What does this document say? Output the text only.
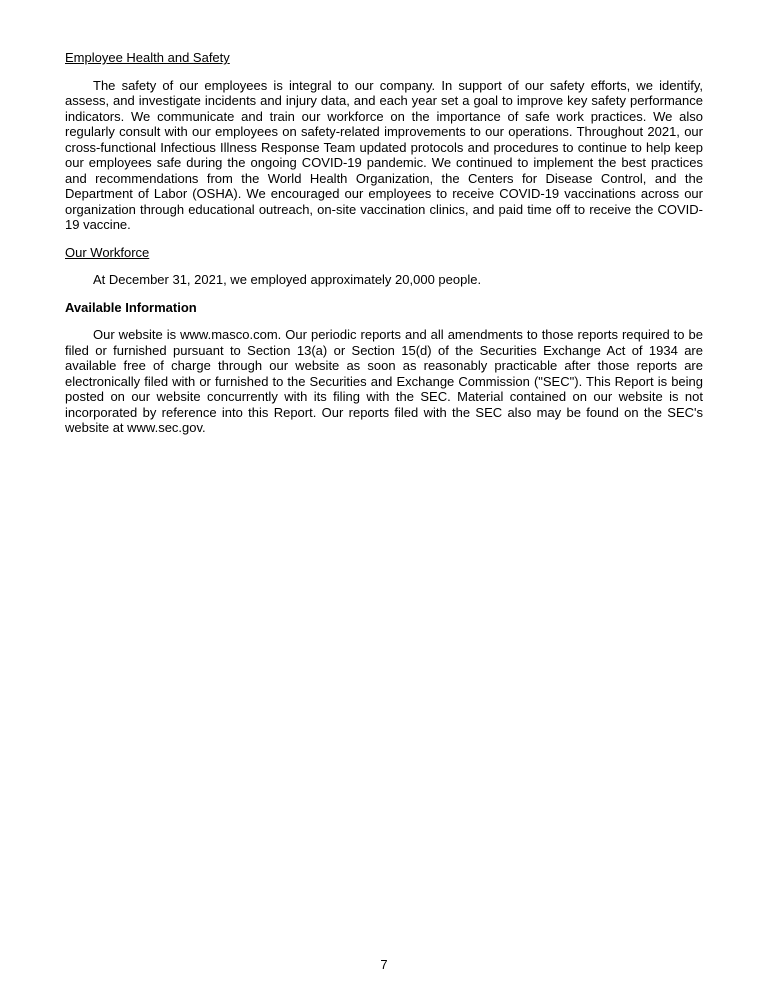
Employee Health and Safety

The safety of our employees is integral to our company. In support of our safety efforts, we identify, assess, and investigate incidents and injury data, and each year set a goal to improve key safety performance indicators. We communicate and train our workforce on the importance of safe work practices. We also regularly consult with our employees on safety-related improvements to our operations. Throughout 2021, our cross-functional Infectious Illness Response Team updated protocols and procedures to continue to help keep our employees safe during the ongoing COVID-19 pandemic. We continued to implement the best practices and recommendations from the World Health Organization, the Centers for Disease Control, and the Department of Labor (OSHA). We encouraged our employees to receive COVID-19 vaccinations across our organization through educational outreach, on-site vaccination clinics, and paid time off to receive the COVID-19 vaccine.

Our Workforce

At December 31, 2021, we employed approximately 20,000 people.

Available Information

Our website is www.masco.com. Our periodic reports and all amendments to those reports required to be filed or furnished pursuant to Section 13(a) or Section 15(d) of the Securities Exchange Act of 1934 are available free of charge through our website as soon as reasonably practicable after those reports are electronically filed with or furnished to the Securities and Exchange Commission ("SEC"). This Report is being posted on our website concurrently with its filing with the SEC. Material contained on our website is not incorporated by reference into this Report. Our reports filed with the SEC also may be found on the SEC's website at www.sec.gov.

7
